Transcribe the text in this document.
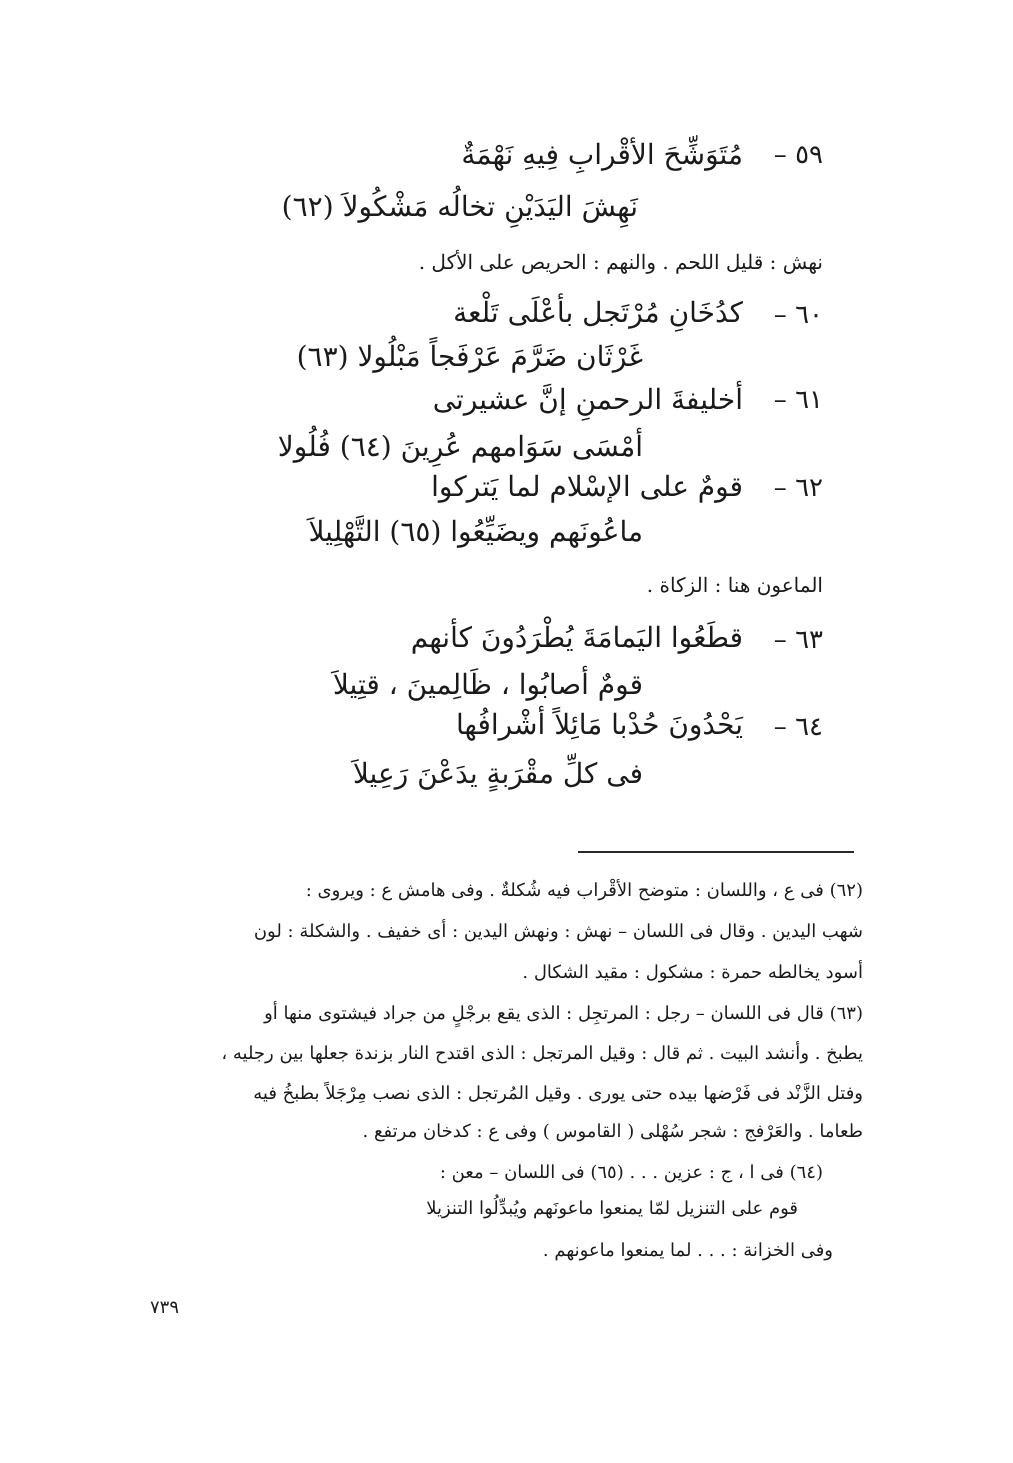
٥٩ –
مُتَوَشِّحَ الأقْرابِ فِيهِ نَهْمَةٌ
نَهِشَ اليَدَيْنِ تخالُه مَشْكُولاَ (٦٢)
نهش : قليل اللحم . والنهم : الحريص على الأكل .
٦٠ –
كدُخَانِ مُرْتَجل بأعْلَى تَلْعة
غَرْثَان ضَرَّمَ عَرْفَجاً مَبْلُولا (٦٣)
٦١ –
أخليفةَ الرحمنِ إنَّ عشيرتى
أمْسَى سَوَامهم عُرِينَ (٦٤) فُلُولا
٦٢ –
قومٌ على الإسْلام لما يَتركوا
ماعُونَهم ويضَيِّعُوا (٦٥) التَّهْلِيلاَ
الماعون هنا : الزكاة .
٦٣ –
قطَعُوا اليَمامَةَ يُطْرَدُونَ كأنهم
قومٌ أصابُوا ، ظَالِمينَ ، قتِيلاَ
٦٤ –
يَحْدُونَ حُدْبا مَائِلاً أشْرافُها
فى كلِّ مقْرَبةٍ يدَعْنَ رَعِيلاَ
(٦٢) فى ع ، واللسان : متوضح الأقْراب فيه شُكلةٌ . وفى هامش ع : ويروى :
شهب اليدين . وقال فى اللسان – نهش : ونهش اليدين : أى خفيف . والشكلة : لون
أسود يخالطه حمرة : مشكول : مقيد الشكال .
(٦٣) قال فى اللسان – رجل : المرتجِل : الذى يقع برجْلٍ من جراد فيشتوى منها أو
يطبخ . وأنشد البيت . ثم قال : وقيل المرتجل : الذى اقتدح النار بزندة جعلها بين رجليه ،
وفتل الزَّنْد فى فَرْضها بيده حتى يورى . وقيل المُرتجل : الذى نصب مِرْجَلاً بطبخُ فيه
طعاما . والعَرْفج : شجر سُهْلى ( القاموس ) وفى ع : كدخان مرتفع .
(٦٤) فى ا ، ج : عزين . . . (٦٥) فى اللسان – معن :
قوم على التنزيل لمّا يمنعوا ماعونَهم ويُبدِّلُوا التنزيلا
وفى الخزانة : . . . لما يمنعوا ماعونهم .
٧٣٩
